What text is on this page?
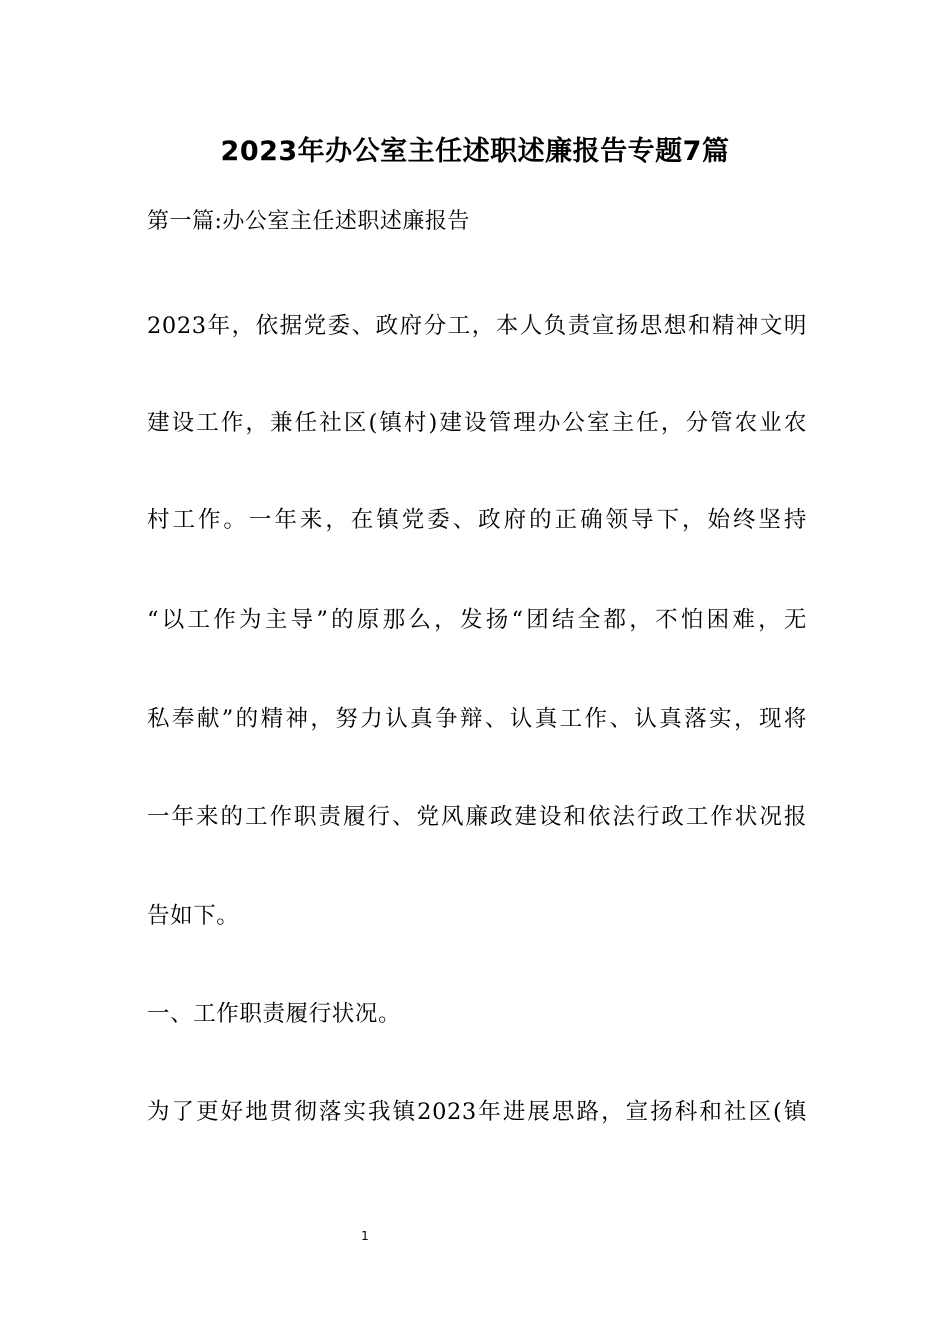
2023年办公室主任述职述廉报告专题7篇
第一篇:办公室主任述职述廉报告
2023年，依据党委、政府分工，本人负责宣扬思想和精神文明
建设工作，兼任社区(镇村)建设管理办公室主任，分管农业农
村工作。一年来，在镇党委、政府的正确领导下，始终坚持
“以工作为主导”的原那么，发扬“团结全都，不怕困难，无
私奉献”的精神，努力认真争辩、认真工作、认真落实，现将
一年来的工作职责履行、党风廉政建设和依法行政工作状况报
告如下。
一、工作职责履行状况。
为了更好地贯彻落实我镇2023年进展思路，宣扬科和社区(镇
1
